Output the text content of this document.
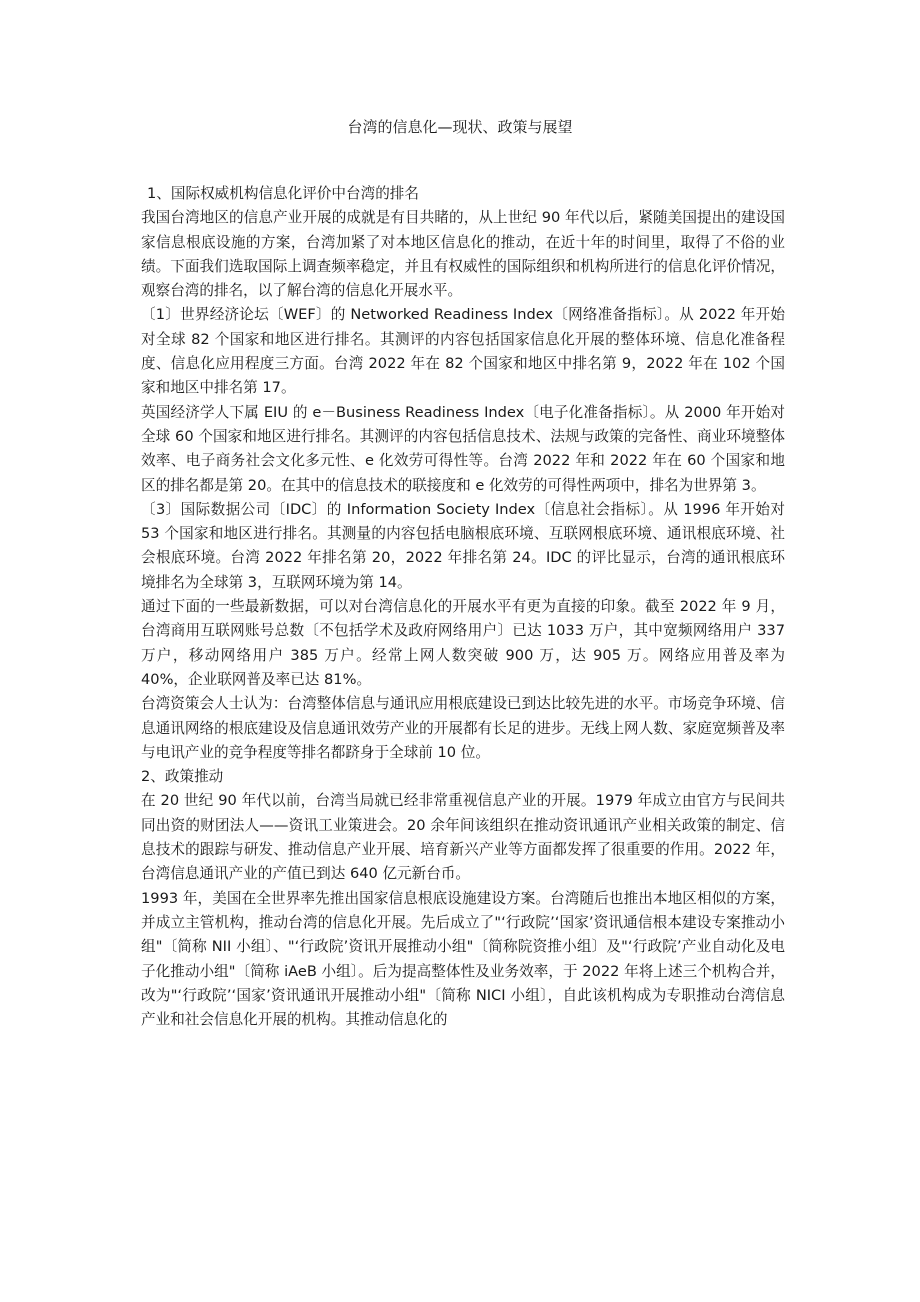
台湾的信息化—现状、政策与展望

1、国际权威机构信息化评价中台湾的排名

我国台湾地区的信息产业开展的成就是有目共睹的，从上世纪 90 年代以后，紧随美国提出的建设国家信息根底设施的方案，台湾加紧了对本地区信息化的推动，在近十年的时间里，取得了不俗的业绩。下面我们选取国际上调查频率稳定，并且有权威性的国际组织和机构所进行的信息化评价情况，观察台湾的排名，以了解台湾的信息化开展水平。

〔1〕世界经济论坛〔WEF〕的 Networked Readiness Index〔网络准备指标〕。从 2022 年开始对全球 82 个国家和地区进行排名。其测评的内容包括国家信息化开展的整体环境、信息化准备程度、信息化应用程度三方面。台湾 2022 年在 82 个国家和地区中排名第 9，2022 年在 102 个国家和地区中排名第 17。

英国经济学人下属 EIU 的 e－Business Readiness Index〔电子化准备指标〕。从 2000 年开始对全球 60 个国家和地区进行排名。其测评的内容包括信息技术、法规与政策的完备性、商业环境整体效率、电子商务社会文化多元性、e 化效劳可得性等。台湾 2022 年和 2022 年在 60 个国家和地区的排名都是第 20。在其中的信息技术的联接度和 e 化效劳的可得性两项中，排名为世界第 3。

〔3〕国际数据公司〔IDC〕的 Information Society Index〔信息社会指标〕。从 1996 年开始对 53 个国家和地区进行排名。其测量的内容包括电脑根底环境、互联网根底环境、通讯根底环境、社会根底环境。台湾 2022 年排名第 20，2022 年排名第 24。IDC 的评比显示，台湾的通讯根底环境排名为全球第 3，互联网环境为第 14。

通过下面的一些最新数据，可以对台湾信息化的开展水平有更为直接的印象。截至 2022 年 9 月，台湾商用互联网账号总数〔不包括学术及政府网络用户〕已达 1033 万户，其中宽频网络用户 337 万户，移动网络用户 385 万户。经常上网人数突破 900 万，达 905 万。网络应用普及率为 40%，企业联网普及率已达 81%。

台湾资策会人士认为：台湾整体信息与通讯应用根底建设已到达比较先进的水平。市场竞争环境、信息通讯网络的根底建设及信息通讯效劳产业的开展都有长足的进步。无线上网人数、家庭宽频普及率与电讯产业的竞争程度等排名都跻身于全球前 10 位。

2、政策推动

在 20 世纪 90 年代以前，台湾当局就已经非常重视信息产业的开展。1979 年成立由官方与民间共同出资的财团法人——资讯工业策进会。20 余年间该组织在推动资讯通讯产业相关政策的制定、信息技术的跟踪与研发、推动信息产业开展、培育新兴产业等方面都发挥了很重要的作用。2022 年，台湾信息通讯产业的产值已到达 640 亿元新台币。

1993 年，美国在全世界率先推出国家信息根底设施建设方案。台湾随后也推出本地区相似的方案，并成立主管机构，推动台湾的信息化开展。先后成立了"‘行政院’‘国家’资讯通信根本建设专案推动小组"〔简称 NII 小组〕、"‘行政院’资讯开展推动小组"〔简称院资推小组〕及"‘行政院’产业自动化及电子化推动小组"〔简称 iAeB 小组〕。后为提高整体性及业务效率，于 2022 年将上述三个机构合并，改为"‘行政院’‘国家’资讯通讯开展推动小组"〔简称 NICI 小组〕，自此该机构成为专职推动台湾信息产业和社会信息化开展的机构。其推动信息化的
